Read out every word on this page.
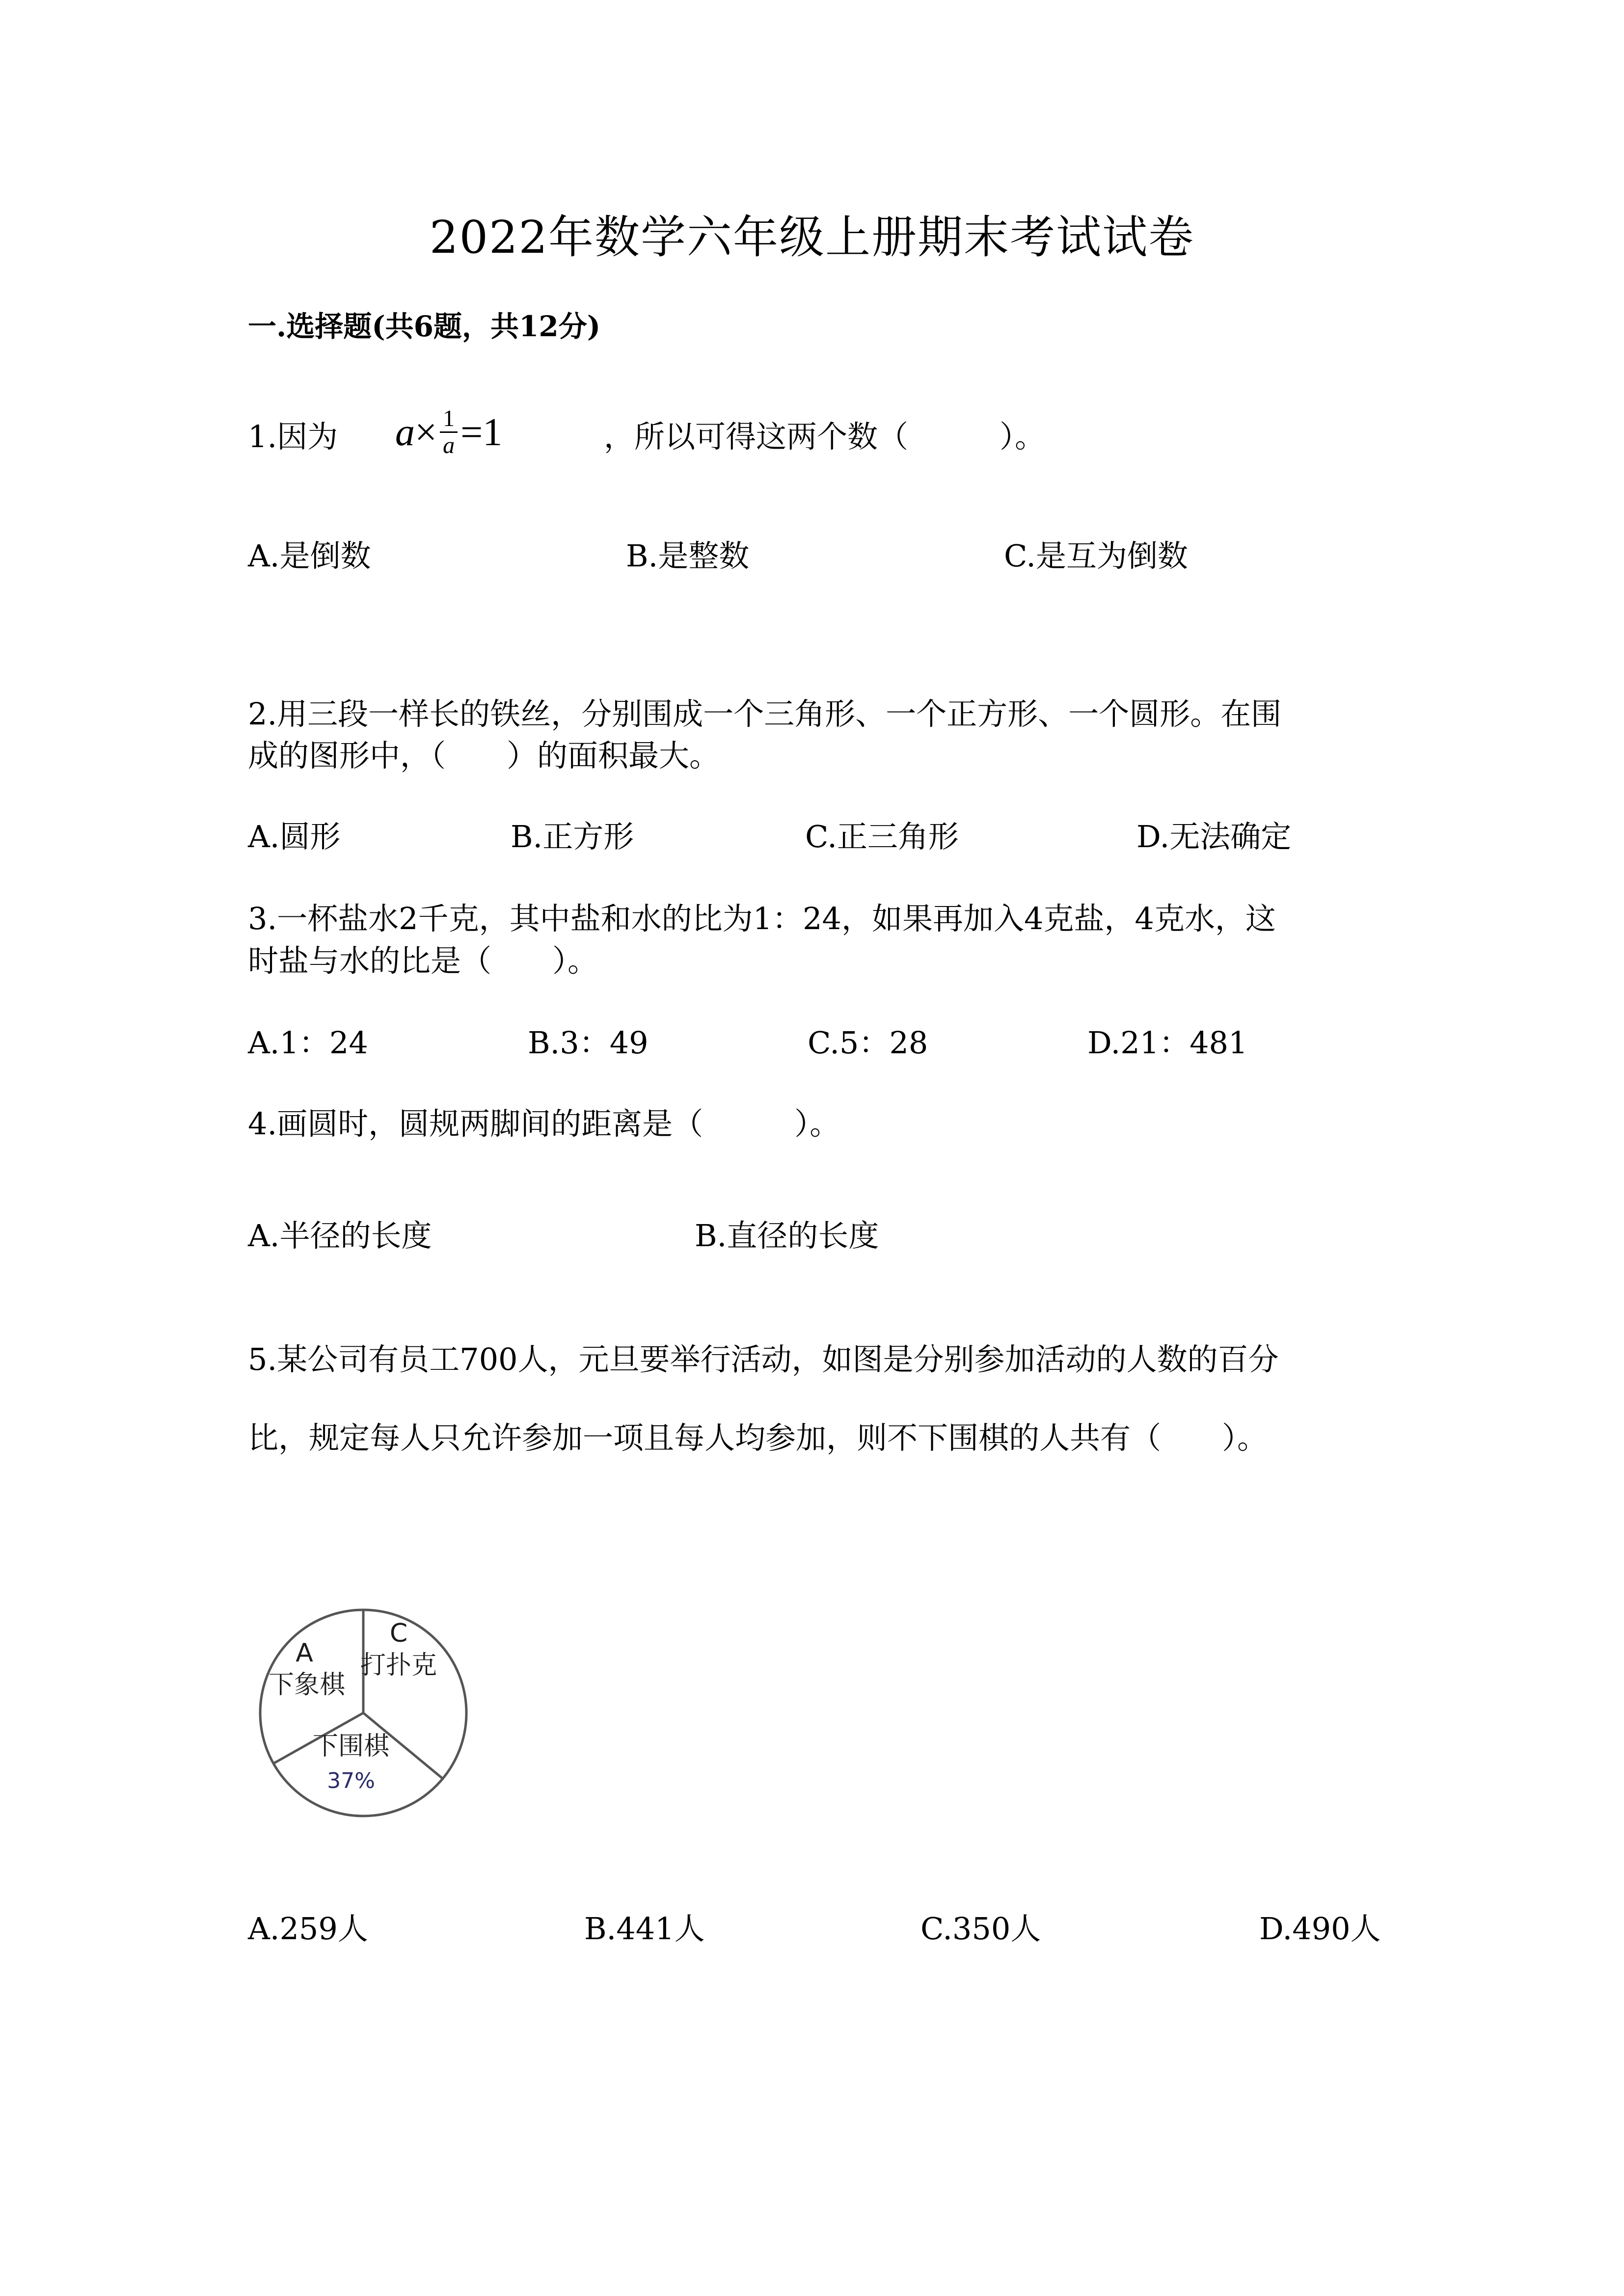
2022年数学六年级上册期末考试试卷
一.选择题(共6题，共12分)
1.因为 $a\times \frac{1}{a} =1$	，所以可得这两个数（　　　）。
A.是倒数	B.是整数	C.是互为倒数
2.用三段一样长的铁丝，分别围成一个三角形、一个正方形、一个圆形。在围
成的图形中，（　　）的面积最大。
A.圆形	B.正方形	C.正三角形	D.无法确定
3.一杯盐水2千克，其中盐和水的比为1：24，如果再加入4克盐，4克水，这
时盐与水的比是（　　）。
A.1：24	B.3：49	C.5：28	D.21：481
4.画圆时，圆规两脚间的距离是（　　　）。
A.半径的长度	B.直径的长度
5.某公司有员工700人，元旦要举行活动，如图是分别参加活动的人数的百分
比，规定每人只允许参加一项且每人均参加，则不下围棋的人共有（　　）。
A
下象棋
C
打扑克
下围棋
37%
A.259人	B.441人	C.350人	D.490人
